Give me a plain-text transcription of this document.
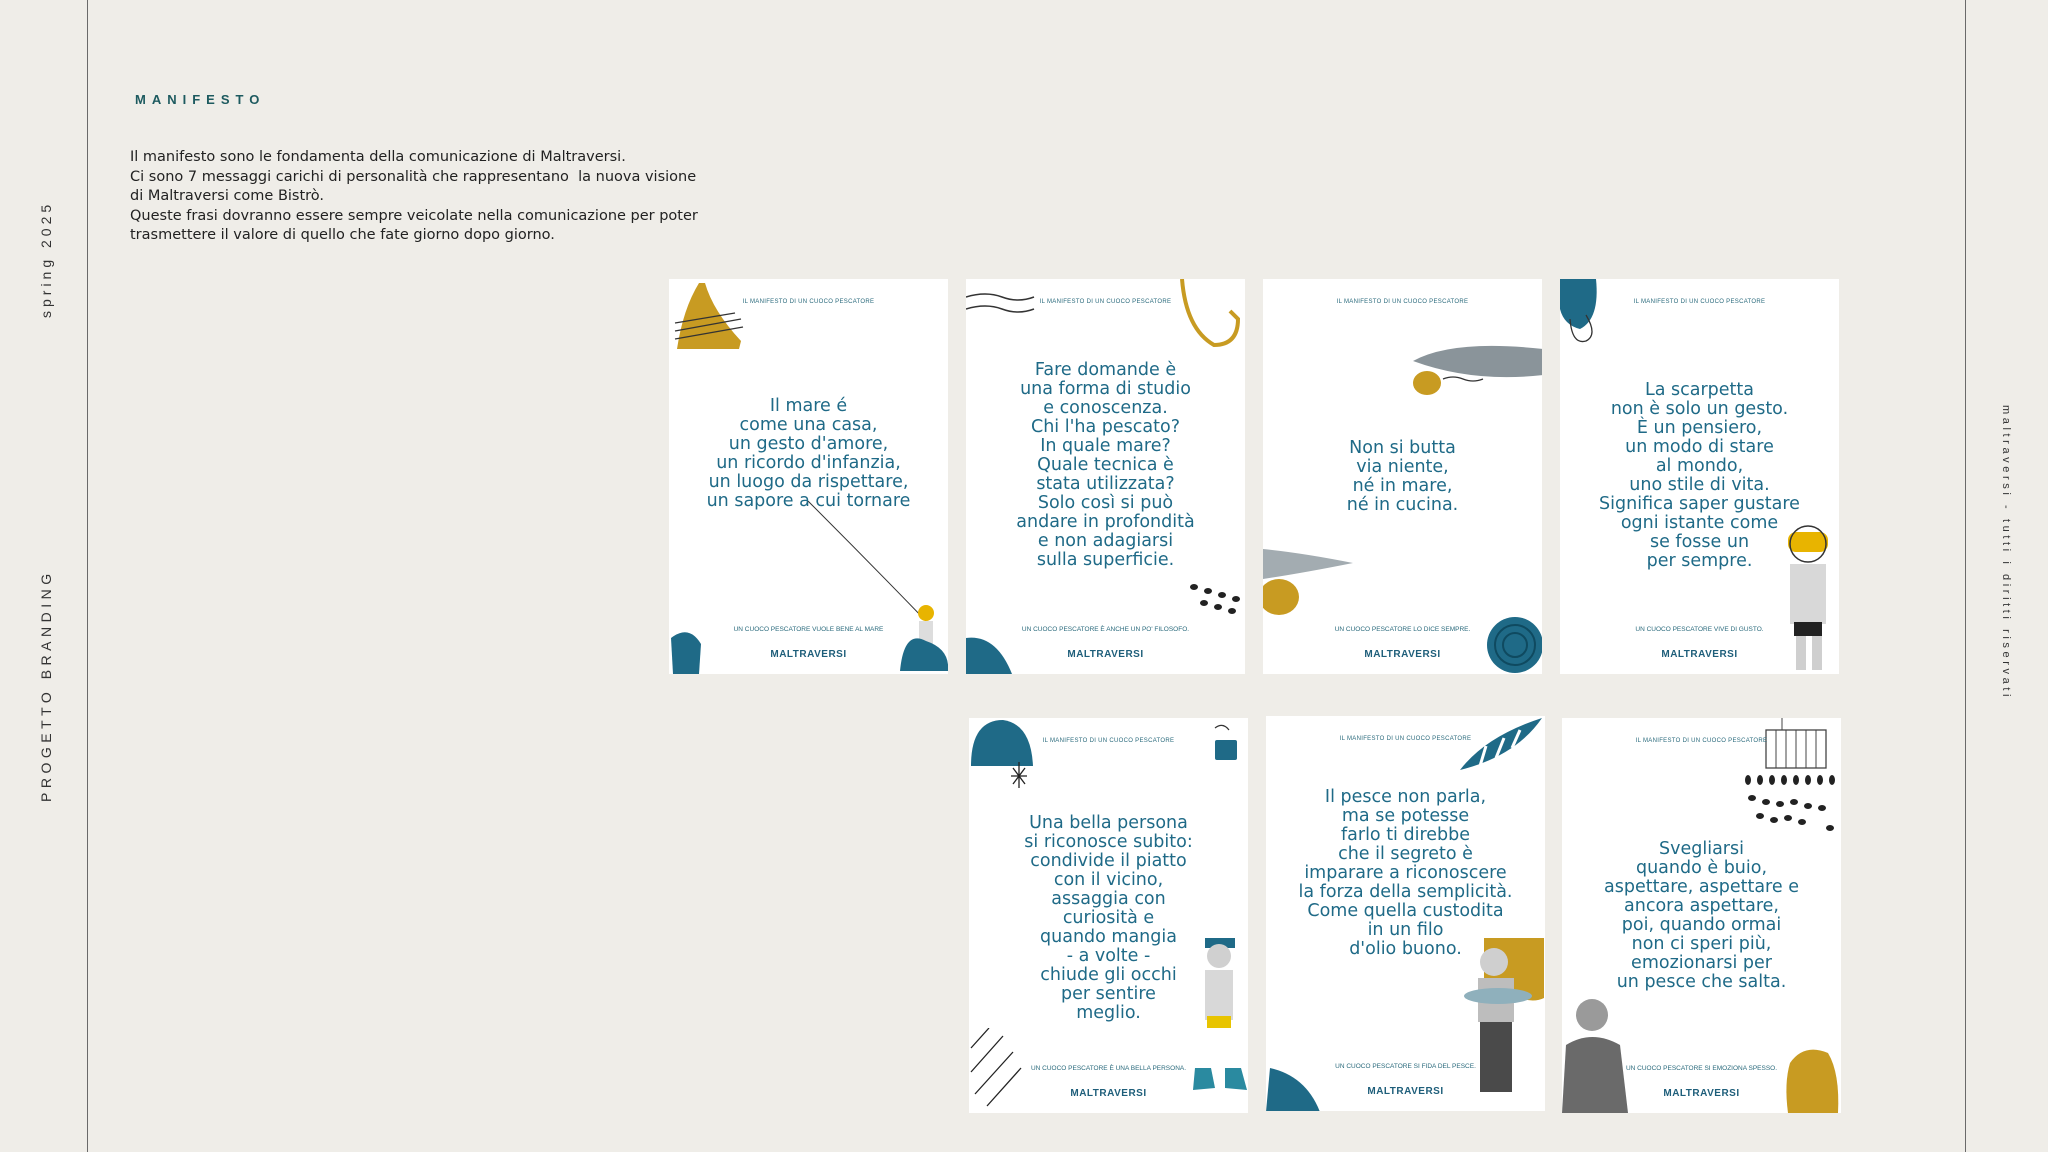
spring 2025
PROGETTO BRANDING	maltraversi - tutti i diritti riservati
MANIFESTO
Il manifesto sono le fondamenta della comunicazione di Maltraversi.
Ci sono 7 messaggi carichi di personalità che rappresentano  la nuova visione
di Maltraversi come Bistrò.
Queste frasi dovranno essere sempre veicolate nella comunicazione per poter
trasmettere il valore di quello che fate giorno dopo giorno.
IL MANIFESTO DI UN CUOCO PESCATORE
Il mare é
come una casa,
un gesto d'amore,
un ricordo d'infanzia,
un luogo da rispettare,
un sapore a cui tornare
UN CUOCO PESCATORE VUOLE BENE AL MARE
MALTRAVERSI
IL MANIFESTO DI UN CUOCO PESCATORE
Fare domande è
una forma di studio
e conoscenza.
Chi l'ha pescato?
In quale mare?
Quale tecnica è
stata utilizzata?
Solo così si può
andare in profondità
e non adagiarsi
sulla superficie.
UN CUOCO PESCATORE È ANCHE UN PO' FILOSOFO.
MALTRAVERSI
IL MANIFESTO DI UN CUOCO PESCATORE
Non si butta
via niente,
né in mare,
né in cucina.
UN CUOCO PESCATORE LO DICE SEMPRE.
MALTRAVERSI
IL MANIFESTO DI UN CUOCO PESCATORE
La scarpetta
non è solo un gesto.
È un pensiero,
un modo di stare
al mondo,
uno stile di vita.
Significa saper gustare
ogni istante come
se fosse un
per sempre.
UN CUOCO PESCATORE VIVE DI GUSTO.
MALTRAVERSI
IL MANIFESTO DI UN CUOCO PESCATORE
Una bella persona
si riconosce subito:
condivide il piatto
con il vicino,
assaggia con
curiosità e
quando mangia
- a volte -
chiude gli occhi
per sentire
meglio.
UN CUOCO PESCATORE È UNA BELLA PERSONA.
MALTRAVERSI
IL MANIFESTO DI UN CUOCO PESCATORE
Il pesce non parla,
ma se potesse
farlo ti direbbe
che il segreto è
imparare a riconoscere
la forza della semplicità.
Come quella custodita
in un filo
d'olio buono.
UN CUOCO PESCATORE SI FIDA DEL PESCE.
MALTRAVERSI
IL MANIFESTO DI UN CUOCO PESCATORE
Svegliarsi
quando è buio,
aspettare, aspettare e
ancora aspettare,
poi, quando ormai
non ci speri più,
emozionarsi per
un pesce che salta.
UN CUOCO PESCATORE SI EMOZIONA SPESSO.
MALTRAVERSI
